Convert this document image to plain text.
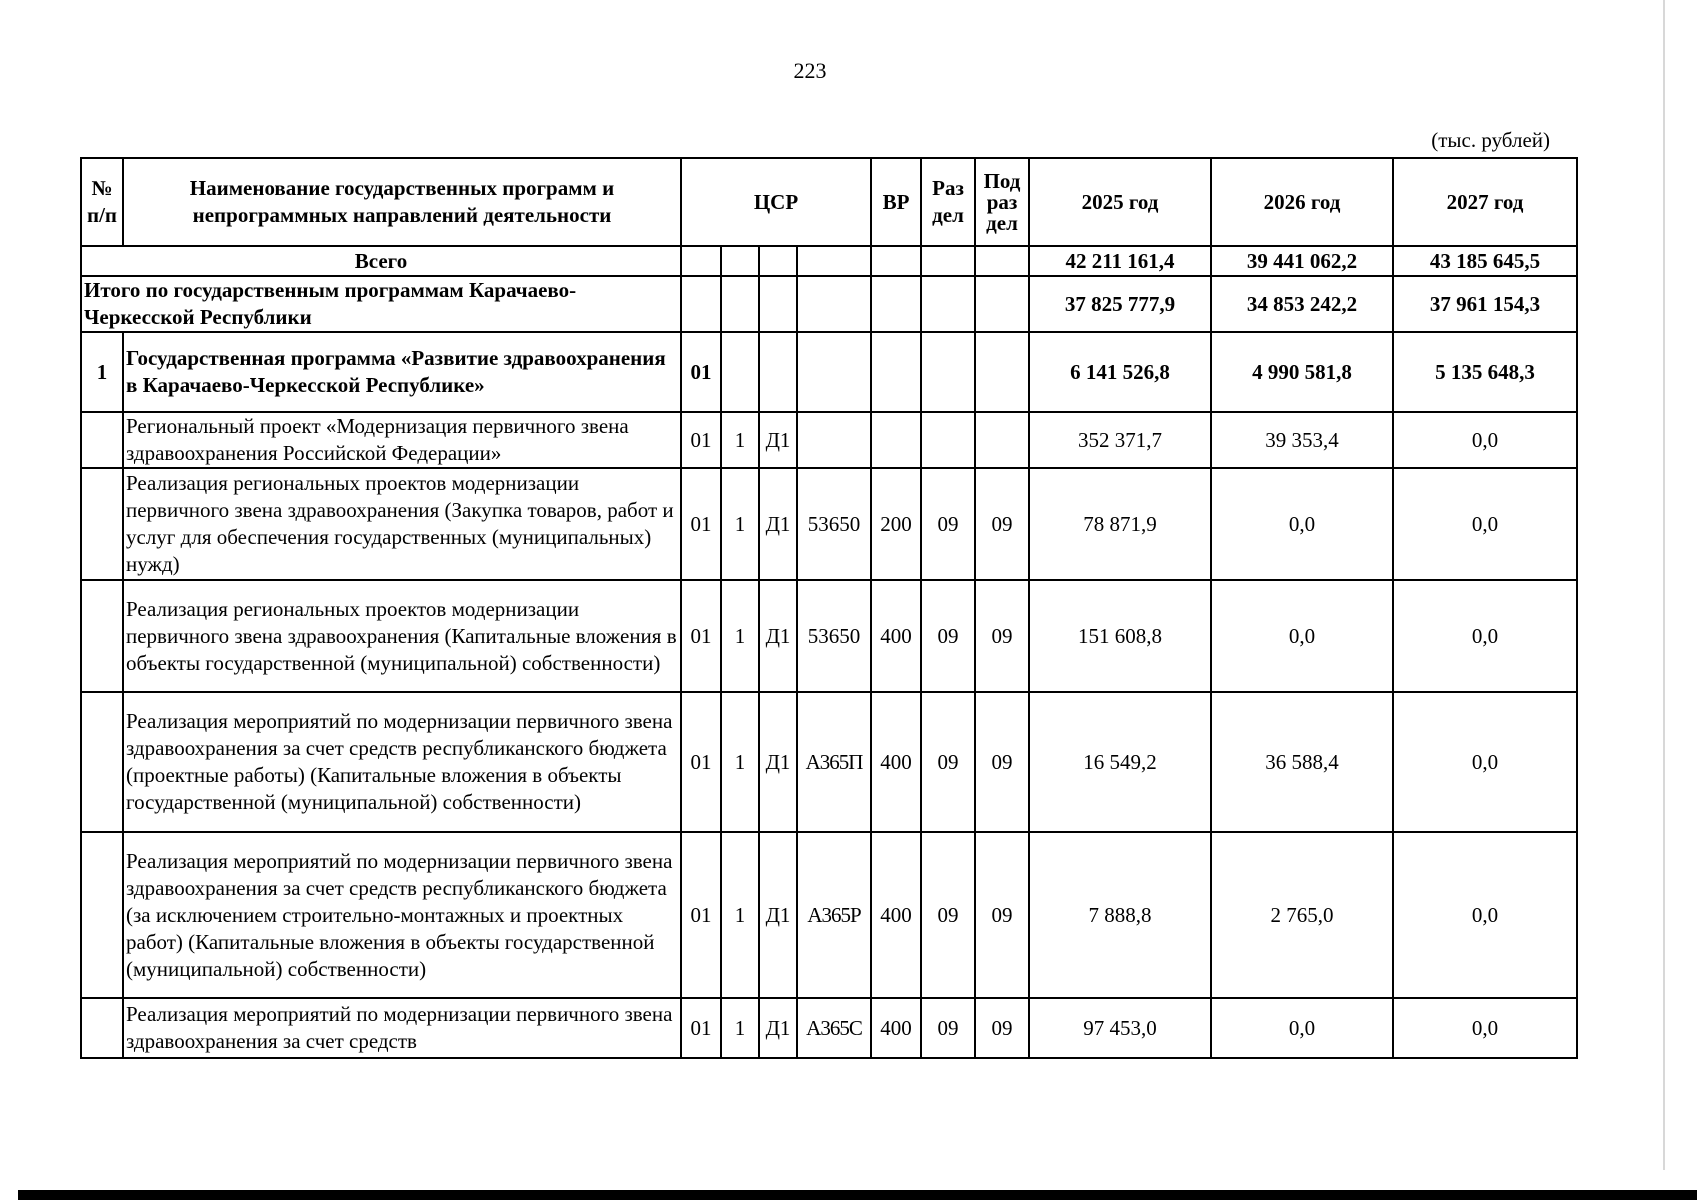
223
(тыс. рублей)
№ п/п	Наименование государственных программ и непрограммных направлений деятельности	ЦСР				ВР	Раз дел	Под раз дел	2025 год	2026 год	2027 год
Всего									42 211 161,4	39 441 062,2	43 185 645,5
Итого по государственным программам Карачаево-Черкесской Республики									37 825 777,9	34 853 242,2	37 961 154,3
1	Государственная программа «Развитие здравоохранения в Карачаево-Черкесской Республике»	01							6 141 526,8	4 990 581,8	5 135 648,3
	Региональный проект «Модернизация первичного звена здравоохранения Российской Федерации»	01	1	Д1					352 371,7	39 353,4	0,0
	Реализация региональных проектов модернизации первичного звена здравоохранения (Закупка товаров, работ и услуг для обеспечения государственных (муниципальных) нужд)	01	1	Д1	53650	200	09	09	78 871,9	0,0	0,0
	Реализация региональных проектов модернизации первичного звена здравоохранения (Капитальные вложения в объекты государственной (муниципальной) собственности)	01	1	Д1	53650	400	09	09	151 608,8	0,0	0,0
	Реализация мероприятий по модернизации первичного звена здравоохранения за счет средств республиканского бюджета (проектные работы) (Капитальные вложения в объекты государственной (муниципальной) собственности)	01	1	Д1	А365П	400	09	09	16 549,2	36 588,4	0,0
	Реализация мероприятий по модернизации первичного звена здравоохранения за счет средств республиканского бюджета (за исключением строительно-монтажных и проектных работ) (Капитальные вложения в объекты государственной (муниципальной) собственности)	01	1	Д1	А365Р	400	09	09	7 888,8	2 765,0	0,0
	Реализация мероприятий по модернизации первичного звена здравоохранения за счет средств	01	1	Д1	А365С	400	09	09	97 453,0	0,0	0,0
